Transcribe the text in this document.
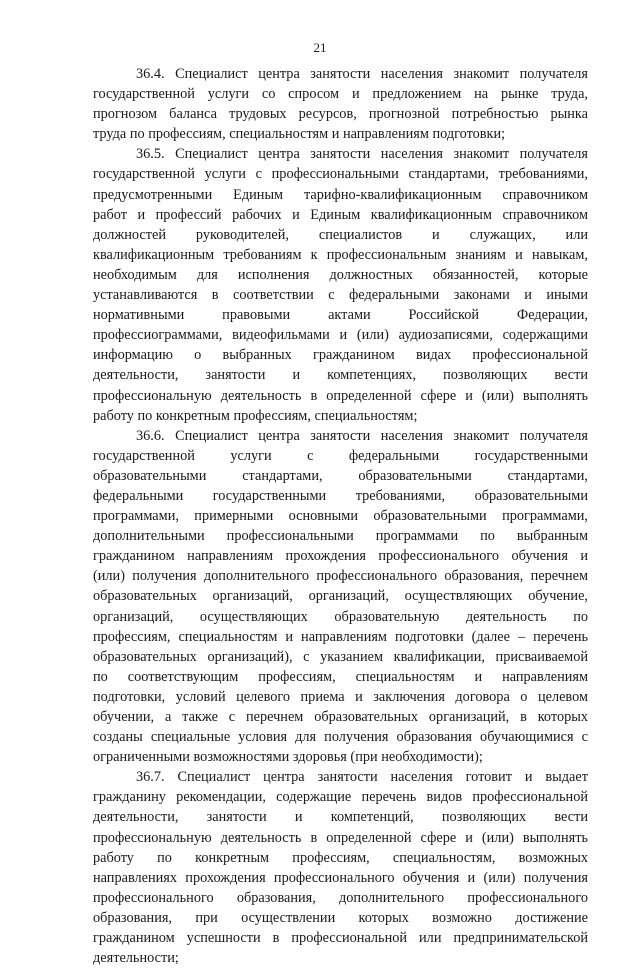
21
36.4. Специалист центра занятости населения знакомит получателя
государственной услуги со спросом и предложением на рынке труда,
прогнозом баланса трудовых ресурсов, прогнозной потребностью рынка
труда по профессиям, специальностям и направлениям подготовки;
36.5. Специалист центра занятости населения знакомит получателя
государственной услуги с профессиональными стандартами, требованиями,
предусмотренными Единым тарифно-квалификационным справочником
работ и профессий рабочих и Единым квалификационным справочником
должностей руководителей, специалистов и служащих, или
квалификационным требованиям к профессиональным знаниям и навыкам,
необходимым для исполнения должностных обязанностей, которые
устанавливаются в соответствии с федеральными законами и иными
нормативными правовыми актами Российской Федерации,
профессиограммами, видеофильмами и (или) аудиозаписями, содержащими
информацию о выбранных гражданином видах профессиональной
деятельности, занятости и компетенциях, позволяющих вести
профессиональную деятельность в определенной сфере и (или) выполнять
работу по конкретным профессиям, специальностям;
36.6. Специалист центра занятости населения знакомит получателя
государственной услуги с федеральными государственными
образовательными стандартами, образовательными стандартами,
федеральными государственными требованиями, образовательными
программами, примерными основными образовательными программами,
дополнительными профессиональными программами по выбранным
гражданином направлениям прохождения профессионального обучения и
(или) получения дополнительного профессионального образования, перечнем
образовательных организаций, организаций, осуществляющих обучение,
организаций, осуществляющих образовательную деятельность по
профессиям, специальностям и направлениям подготовки (далее – перечень
образовательных организаций), с указанием квалификации, присваиваемой
по соответствующим профессиям, специальностям и направлениям
подготовки, условий целевого приема и заключения договора о целевом
обучении, а также с перечнем образовательных организаций, в которых
созданы специальные условия для получения образования обучающимися с
ограниченными возможностями здоровья (при необходимости);
36.7. Специалист центра занятости населения готовит и выдает
гражданину рекомендации, содержащие перечень видов профессиональной
деятельности, занятости и компетенций, позволяющих вести
профессиональную деятельность в определенной сфере и (или) выполнять
работу по конкретным профессиям, специальностям, возможных
направлениях прохождения профессионального обучения и (или) получения
профессионального образования, дополнительного профессионального
образования, при осуществлении которых возможно достижение
гражданином успешности в профессиональной или предпринимательской
деятельности;
